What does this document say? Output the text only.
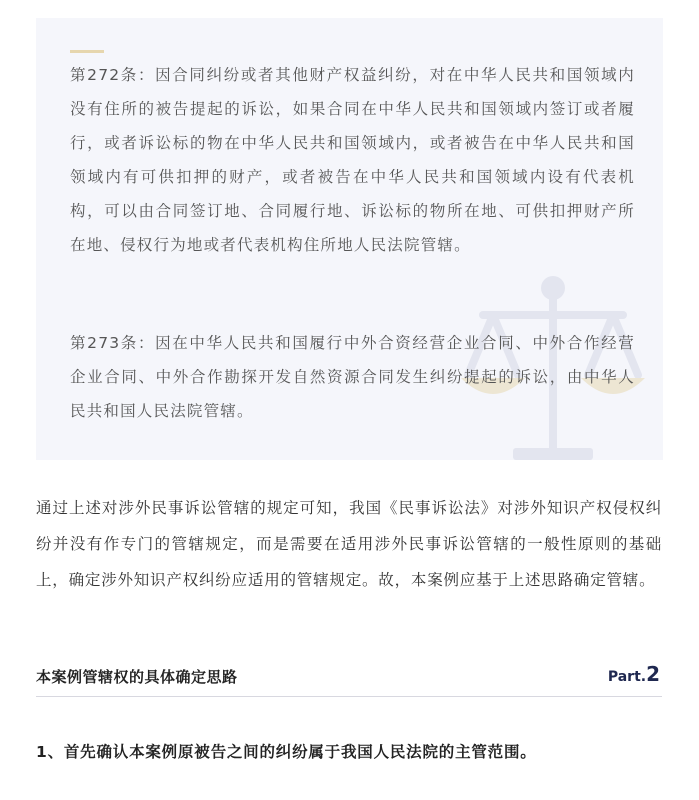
第272条：因合同纠纷或者其他财产权益纠纷，对在中华人民共和国领域内没有住所的被告提起的诉讼，如果合同在中华人民共和国领域内签订或者履行，或者诉讼标的物在中华人民共和国领域内，或者被告在中华人民共和国领域内有可供扣押的财产，或者被告在中华人民共和国领域内设有代表机构，可以由合同签订地、合同履行地、诉讼标的物所在地、可供扣押财产所在地、侵权行为地或者代表机构住所地人民法院管辖。

第273条：因在中华人民共和国履行中外合资经营企业合同、中外合作经营企业合同、中外合作勘探开发自然资源合同发生纠纷提起的诉讼，由中华人民共和国人民法院管辖。

通过上述对涉外民事诉讼管辖的规定可知，我国《民事诉讼法》对涉外知识产权侵权纠纷并没有作专门的管辖规定，而是需要在适用涉外民事诉讼管辖的一般性原则的基础上，确定涉外知识产权纠纷应适用的管辖规定。故，本案例应基于上述思路确定管辖。

本案例管辖权的具体确定思路	Part.2

1、首先确认本案例原被告之间的纠纷属于我国人民法院的主管范围。
